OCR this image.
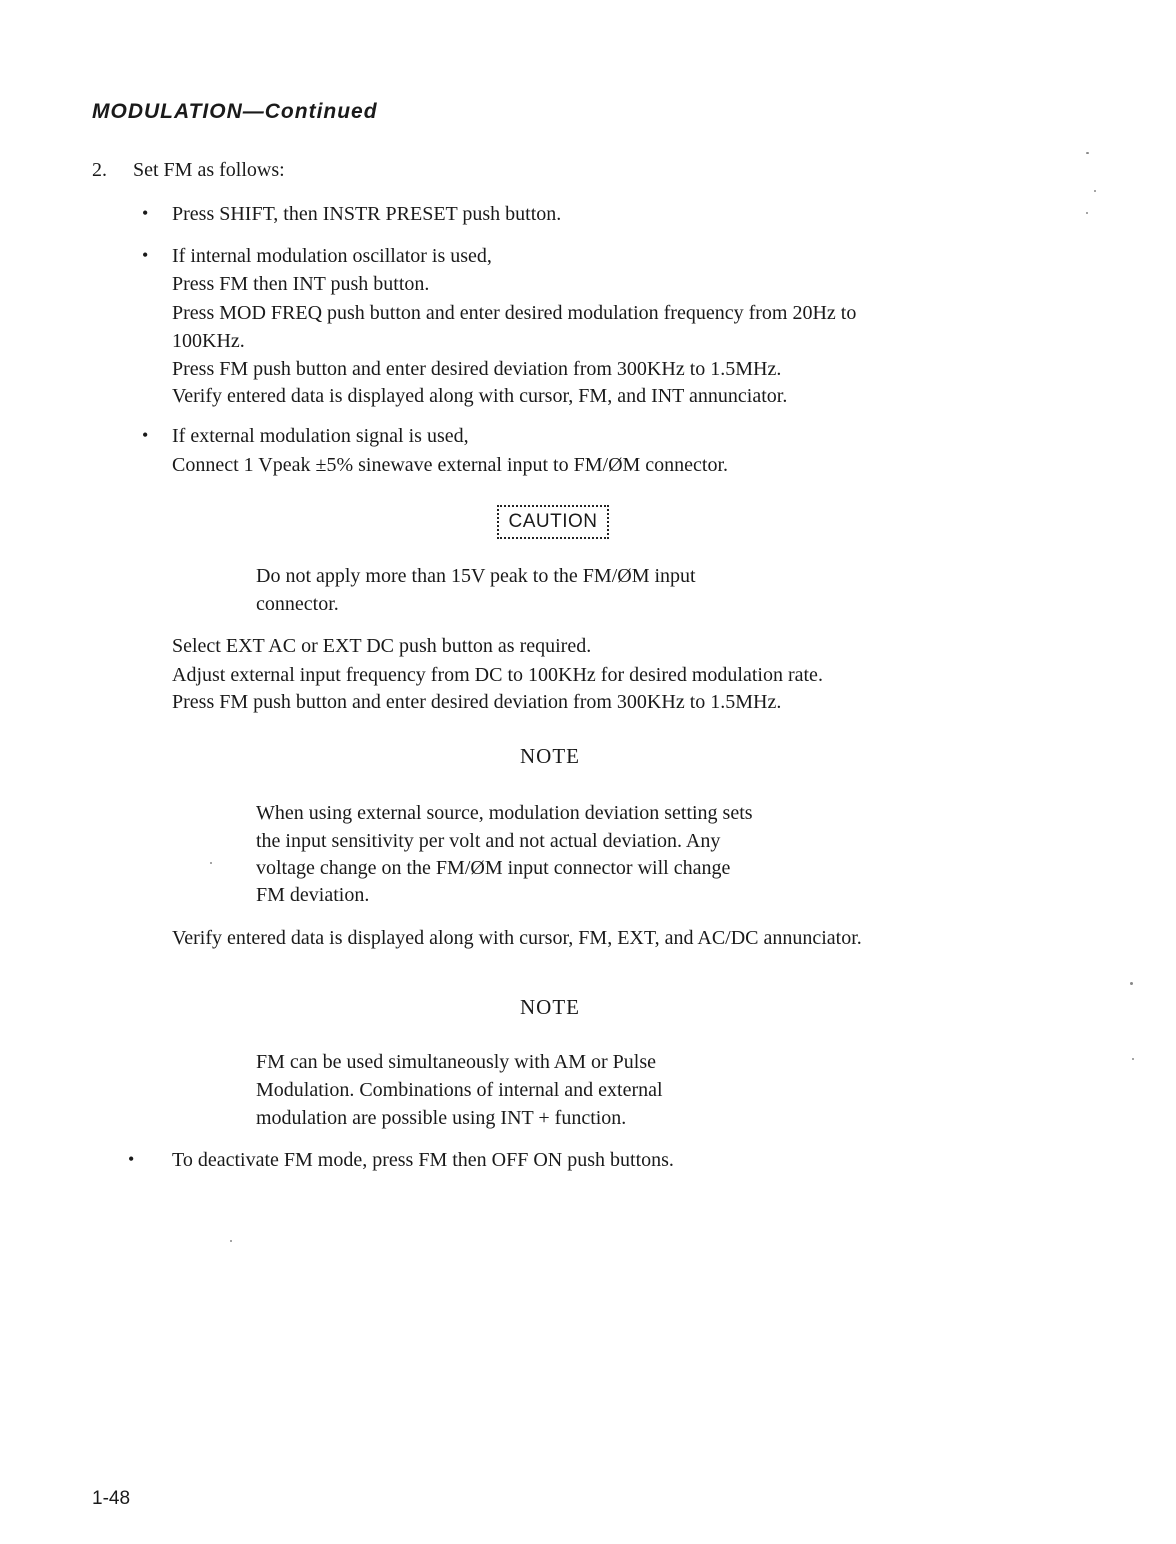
MODULATION—Continued
2. Set FM as follows:
• Press SHIFT, then INSTR PRESET push button.
• If internal modulation oscillator is used,
Press FM then INT push button.
Press MOD FREQ push button and enter desired modulation frequency from 20Hz to
100KHz.
Press FM push button and enter desired deviation from 300KHz to 1.5MHz.
Verify entered data is displayed along with cursor, FM, and INT annunciator.
• If external modulation signal is used,
Connect 1 Vpeak ±5% sinewave external input to FM/ØM connector.
CAUTION
Do not apply more than 15V peak to the FM/ØM input
connector.
Select EXT AC or EXT DC push button as required.
Adjust external input frequency from DC to 100KHz for desired modulation rate.
Press FM push button and enter desired deviation from 300KHz to 1.5MHz.
NOTE
When using external source, modulation deviation setting sets
the input sensitivity per volt and not actual deviation. Any
voltage change on the FM/ØM input connector will change
FM deviation.
Verify entered data is displayed along with cursor, FM, EXT, and AC/DC annunciator.
NOTE
FM can be used simultaneously with AM or Pulse
Modulation. Combinations of internal and external
modulation are possible using INT + function.
• To deactivate FM mode, press FM then OFF ON push buttons.
1-48
